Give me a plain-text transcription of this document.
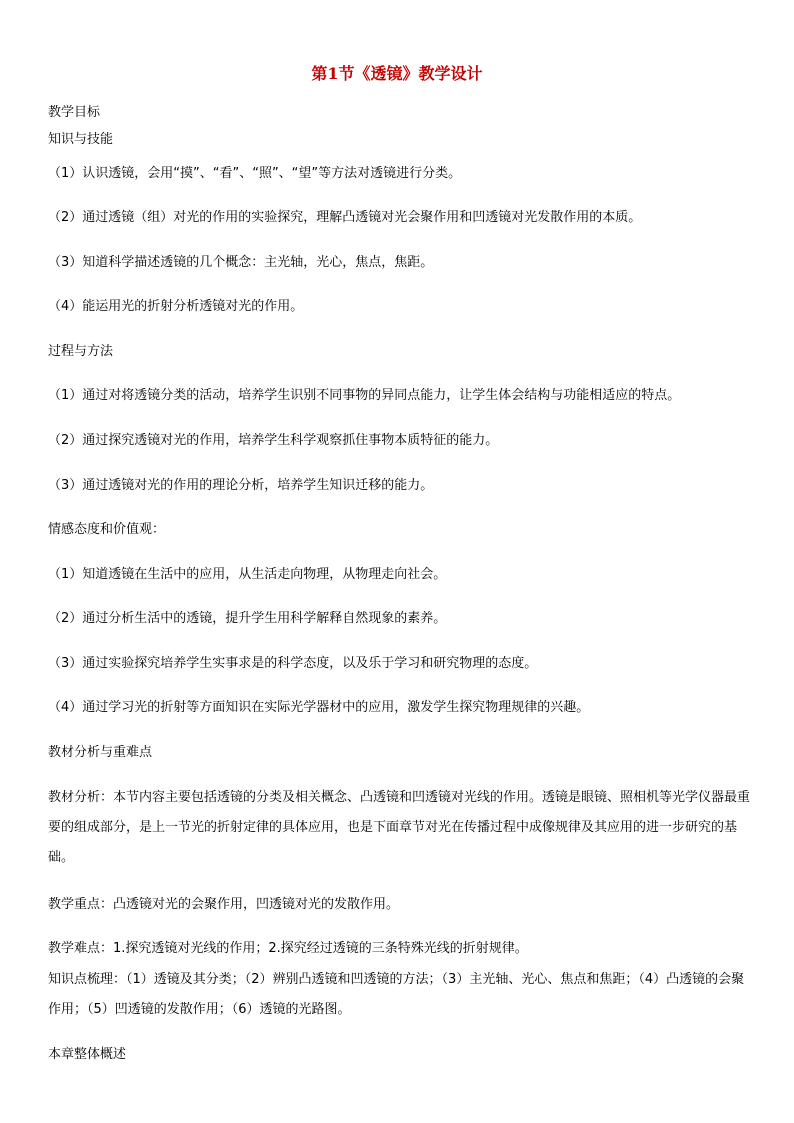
第1节《透镜》教学设计
教学目标
知识与技能
（1）认识透镜，会用“摸”、“看”、“照”、“望”等方法对透镜进行分类。
（2）通过透镜（组）对光的作用的实验探究，理解凸透镜对光会聚作用和凹透镜对光发散作用的本质。
（3）知道科学描述透镜的几个概念：主光轴，光心，焦点，焦距。
（4）能运用光的折射分析透镜对光的作用。
过程与方法
（1）通过对将透镜分类的活动，培养学生识别不同事物的异同点能力，让学生体会结构与功能相适应的特点。
（2）通过探究透镜对光的作用，培养学生科学观察抓住事物本质特征的能力。
（3）通过透镜对光的作用的理论分析，培养学生知识迁移的能力。
情感态度和价值观：
（1）知道透镜在生活中的应用，从生活走向物理，从物理走向社会。
（2）通过分析生活中的透镜，提升学生用科学解释自然现象的素养。
（3）通过实验探究培养学生实事求是的科学态度，以及乐于学习和研究物理的态度。
（4）通过学习光的折射等方面知识在实际光学器材中的应用，激发学生探究物理规律的兴趣。
教材分析与重难点
教材分析：本节内容主要包括透镜的分类及相关概念、凸透镜和凹透镜对光线的作用。透镜是眼镜、照相机等光学仪器最重要的组成部分，是上一节光的折射定律的具体应用，也是下面章节对光在传播过程中成像规律及其应用的进一步研究的基础。
教学重点：凸透镜对光的会聚作用，凹透镜对光的发散作用。
教学难点：1.探究透镜对光线的作用；2.探究经过透镜的三条特殊光线的折射规律。
知识点梳理：（1）透镜及其分类；（2）辨别凸透镜和凹透镜的方法；（3）主光轴、光心、焦点和焦距；（4）凸透镜的会聚作用；（5）凹透镜的发散作用；（6）透镜的光路图。
本章整体概述
